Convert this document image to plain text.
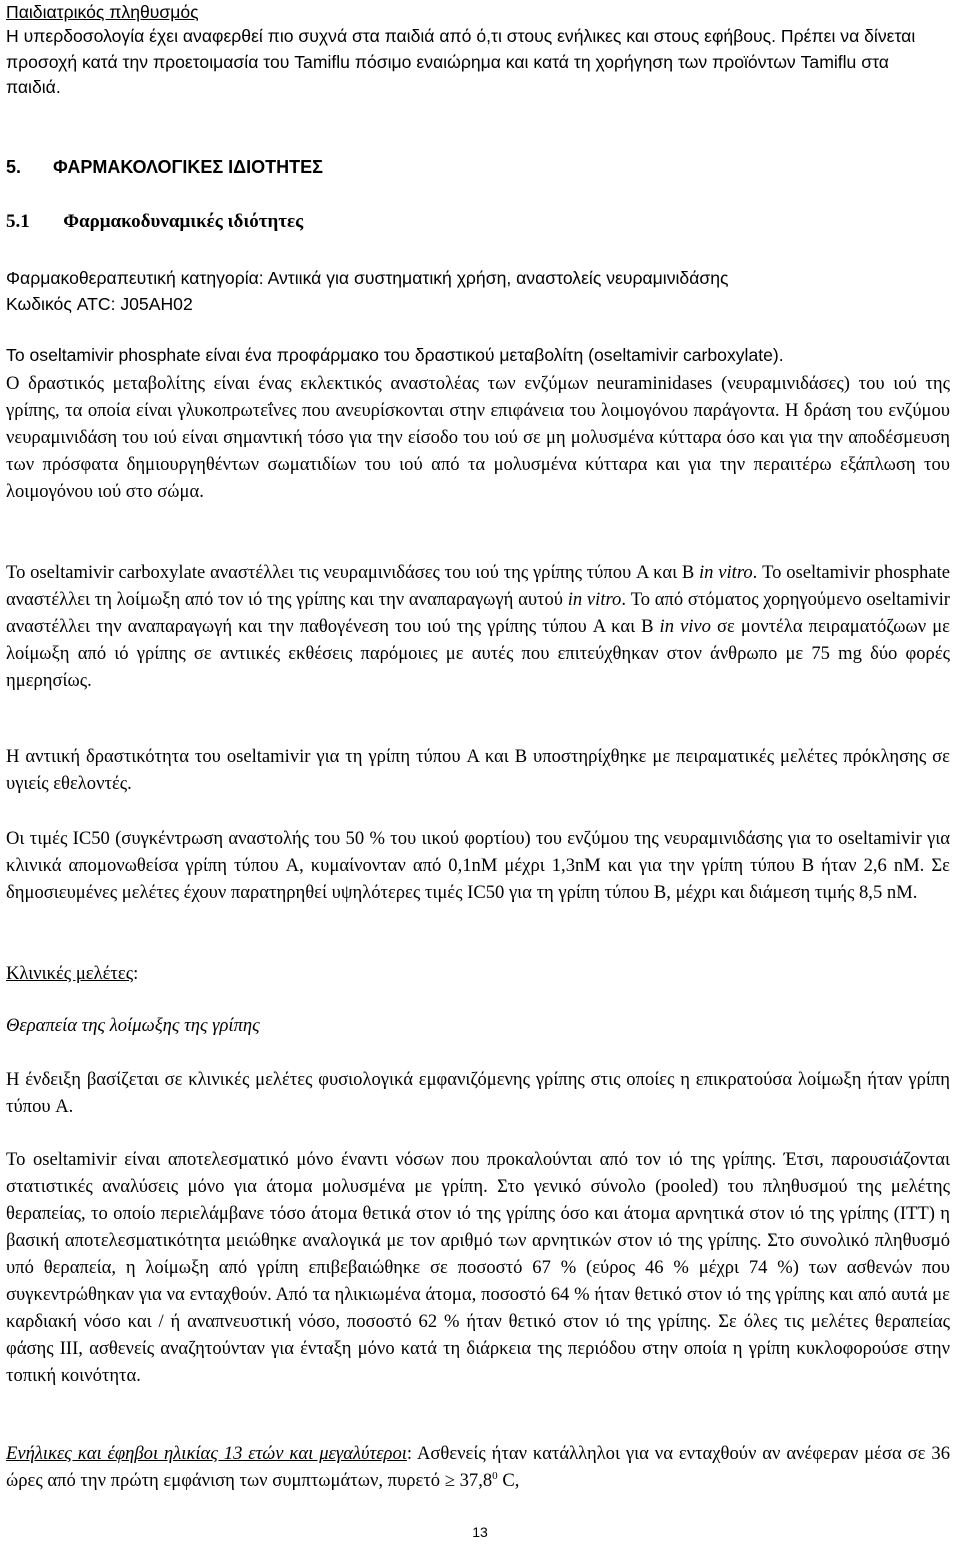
Παιδιατρικός πληθυσμός

Η υπερδοσολογία έχει αναφερθεί πιο συχνά στα παιδιά από ό,τι στους ενήλικες και στους εφήβους. Πρέπει να δίνεται προσοχή κατά την προετοιμασία του Tamiflu πόσιμο εναιώρημα και κατά τη χορήγηση των προϊόντων Tamiflu στα παιδιά.

5. ΦΑΡΜΑΚΟΛΟΓΙΚΕΣ ΙΔΙΟΤΗΤΕΣ
5.1 Φαρμακοδυναμικές ιδιότητες

Φαρμακοθεραπευτική κατηγορία: Αντιικά για συστηματική χρήση, αναστολείς νευραμινιδάσης

Κωδικός ATC: J05AH02

Το oseltamivir phosphate είναι ένα προφάρμακο του δραστικού μεταβολίτη (oseltamivir carboxylate).

Ο δραστικός μεταβολίτης είναι ένας εκλεκτικός αναστολέας των ενζύμων neuraminidases (νευραμινιδάσες) του ιού της γρίπης, τα οποία είναι γλυκοπρωτεΐνες που ανευρίσκονται στην επιφάνεια του λοιμογόνου παράγοντα. Η δράση του ενζύμου νευραμινιδάση του ιού είναι σημαντική τόσο για την είσοδο του ιού σε μη μολυσμένα κύτταρα όσο και για την αποδέσμευση των πρόσφατα δημιουργηθέντων σωματιδίων του ιού από τα μολυσμένα κύτταρα και για την περαιτέρω εξάπλωση του λοιμογόνου ιού στο σώμα.

Το oseltamivir carboxylate αναστέλλει τις νευραμινιδάσες του ιού της γρίπης τύπου A και B in vitro. Το oseltamivir phosphate αναστέλλει τη λοίμωξη από τον ιό της γρίπης και την αναπαραγωγή αυτού in vitro. Το από στόματος χορηγούμενο oseltamivir αναστέλλει την αναπαραγωγή και την παθογένεση του ιού της γρίπης τύπου A και B in vivo σε μοντέλα πειραματόζωων με λοίμωξη από ιό γρίπης σε αντιικές εκθέσεις παρόμοιες με αυτές που επιτεύχθηκαν στον άνθρωπο με 75 mg δύο φορές ημερησίως.

Η αντιική δραστικότητα του oseltamivir για τη γρίπη τύπου A και B υποστηρίχθηκε με πειραματικές μελέτες πρόκλησης σε υγιείς εθελοντές.

Οι τιμές IC50 (συγκέντρωση αναστολής του 50 % του ιικού φορτίου) του ενζύμου της νευραμινιδάσης για το oseltamivir για κλινικά απομονωθείσα γρίπη τύπου A, κυμαίνονταν από 0,1nM μέχρι 1,3nM και για την γρίπη τύπου B ήταν 2,6 nM. Σε δημοσιευμένες μελέτες έχουν παρατηρηθεί υψηλότερες τιμές IC50 για τη γρίπη τύπου B, μέχρι και διάμεση τιμής 8,5 nM.

Κλινικές μελέτες:

Θεραπεία της λοίμωξης της γρίπης

Η ένδειξη βασίζεται σε κλινικές μελέτες φυσιολογικά εμφανιζόμενης γρίπης στις οποίες η επικρατούσα λοίμωξη ήταν γρίπη τύπου A.

Το oseltamivir είναι αποτελεσματικό μόνο έναντι νόσων που προκαλούνται από τον ιό της γρίπης. Έτσι, παρουσιάζονται στατιστικές αναλύσεις μόνο για άτομα μολυσμένα με γρίπη. Στο γενικό σύνολο (pooled) του πληθυσμού της μελέτης θεραπείας, το οποίο περιελάμβανε τόσο άτομα θετικά στον ιό της γρίπης όσο και άτομα αρνητικά στον ιό της γρίπης (ITT) η βασική αποτελεσματικότητα μειώθηκε αναλογικά με τον αριθμό των αρνητικών στον ιό της γρίπης. Στο συνολικό πληθυσμό υπό θεραπεία, η λοίμωξη από γρίπη επιβεβαιώθηκε σε ποσοστό 67 % (εύρος 46 % μέχρι 74 %) των ασθενών που συγκεντρώθηκαν για να ενταχθούν. Από τα ηλικιωμένα άτομα, ποσοστό 64 % ήταν θετικό στον ιό της γρίπης και από αυτά με καρδιακή νόσο και / ή αναπνευστική νόσο, ποσοστό 62 % ήταν θετικό στον ιό της γρίπης. Σε όλες τις μελέτες θεραπείας φάσης III, ασθενείς αναζητούνταν για ένταξη μόνο κατά τη διάρκεια της περιόδου στην οποία η γρίπη κυκλοφορούσε στην τοπική κοινότητα.

Ενήλικες και έφηβοι ηλικίας 13 ετών και μεγαλύτεροι: Ασθενείς ήταν κατάλληλοι για να ενταχθούν αν ανέφεραν μέσα σε 36 ώρες από την πρώτη εμφάνιση των συμπτωμάτων, $\pi\upsilon\rho\varepsilon\tau ό \ge 37,8^0$ C,

13
